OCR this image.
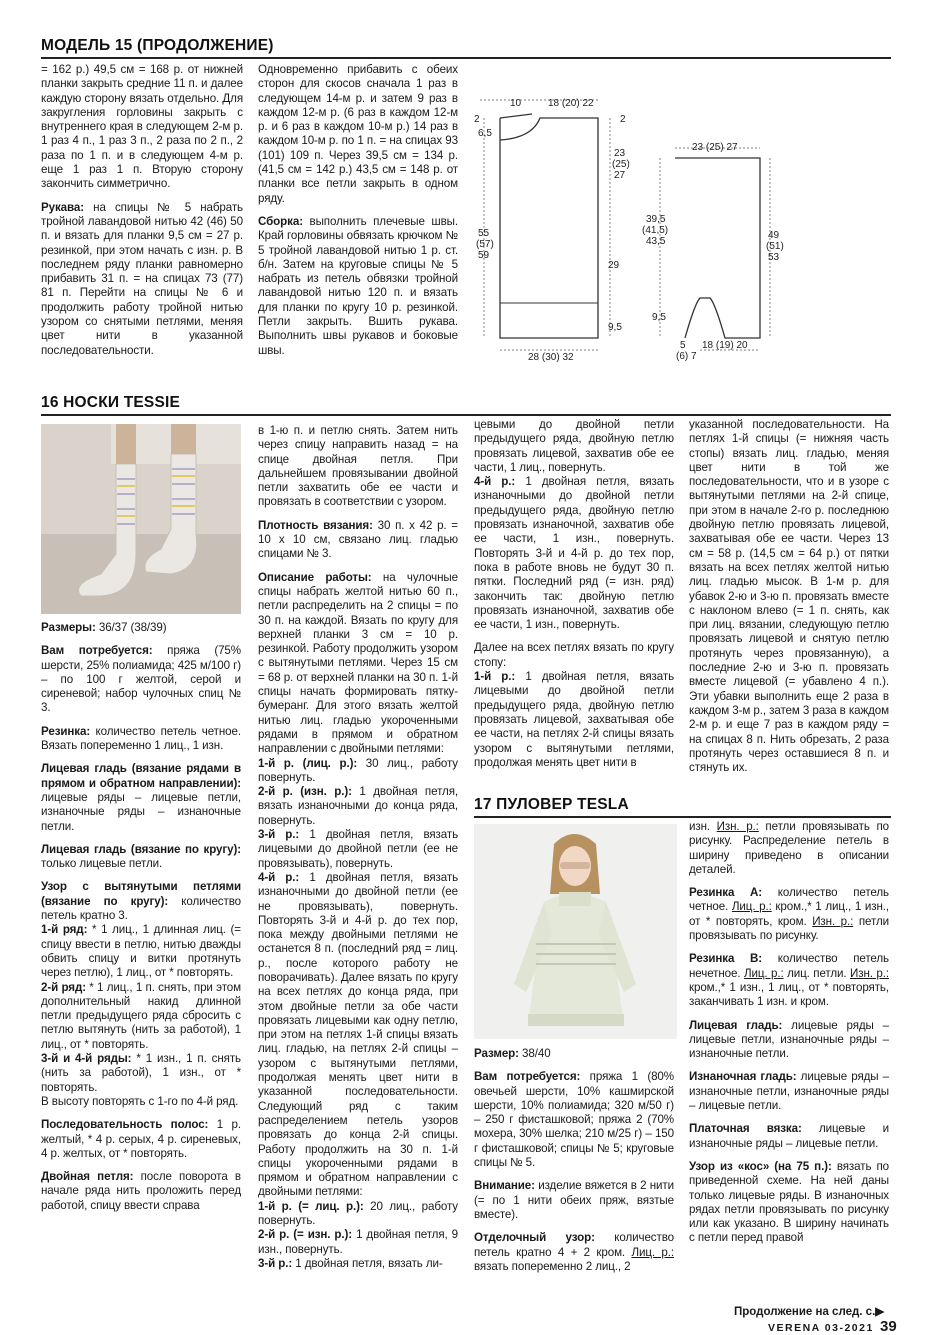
МОДЕЛЬ 15 (ПРОДОЛЖЕНИЕ)

= 162 р.) 49,5 см = 168 р. от нижней планки закрыть средние 11 п. и далее каждую сторону вязать отдельно. Для закругления горловины закрыть с внутреннего края в следующем 2-м р. 1 раз 4 п., 1 раз 3 п., 2 раза по 2 п., 2 раза по 1 п. и в следующем 4-м р. еще 1 раз 1 п. Вторую сторону закончить симметрично.

Рукава: на спицы № 5 набрать тройной лавандовой нитью 42 (46) 50 п. и вязать для планки 9,5 см = 27 р. резинкой, при этом начать с изн. р. В последнем ряду планки равномерно прибавить 31 п. = на спицах 73 (77) 81 п. Перейти на спицы № 6 и продолжить работу тройной нитью узором со снятыми петлями, меняя цвет нити в указанной последовательности.

Одновременно прибавить с обеих сторон для скосов сначала 1 раз в следующем 14-м р. и затем 9 раз в каждом 12-м р. (6 раз в каждом 12-м р. и 6 раз в каждом 10-м р.) 14 раз в каждом 10-м р. по 1 п. = на спицах 93 (101) 109 п. Через 39,5 см = 134 р. (41,5 см = 142 р.) 43,5 см = 148 р. от планки все петли закрыть в одном ряду.

Сборка: выполнить плечевые швы. Край горловины обвязать крючком № 5 тройной лавандовой нитью 1 р. ст. б/н. Затем на круговые спицы № 5 набрать из петель обвязки тройной лавандовой нитью 120 п. и вязать для планки по кругу 10 р. резинкой. Петли закрыть. Вшить рукава. Выполнить швы рукавов и боковые швы.

10	18 (20) 22
2	2
6,5
23 (25) 27
55 (57) 59
29
9,5
28 (30) 32
23 (25) 27
39,5 (41,5) 43,5
49 (51) 53
9,5
5 (6) 7
18 (19) 20
16 НОСКИ TESSIE

Размеры: 36/37 (38/39)

Вам потребуется: пряжа (75% шерсти, 25% полиамида; 425 м/100 г) – по 100 г желтой, серой и сиреневой; набор чулочных спиц № 3.

Резинка: количество петель четное. Вязать попеременно 1 лиц., 1 изн.

Лицевая гладь (вязание рядами в прямом и обратном направлении): лицевые ряды – лицевые петли, изнаночные ряды – изнаночные петли.

Лицевая гладь (вязание по кругу): только лицевые петли.

Узор с вытянутыми петлями (вязание по кругу): количество петель кратно 3.

1-й ряд: * 1 лиц., 1 длинная лиц. (= спицу ввести в петлю, нитью дважды обвить спицу и витки протянуть через петлю), 1 лиц., от * повторять.

2-й ряд: * 1 лиц., 1 п. снять, при этом дополнительный накид длинной петли предыдущего ряда сбросить с петлю вытянуть (нить за работой), 1 лиц., от * повторять.

3-й и 4-й ряды: * 1 изн., 1 п. снять (нить за работой), 1 изн., от * повторять.

В высоту повторять с 1-го по 4-й ряд.

Последовательность полос: 1 р. желтый, * 4 р. серых, 4 р. сиреневых, 4 р. желтых, от * повторять.

Двойная петля: после поворота в начале ряда нить проложить перед работой, спицу ввести справа

в 1-ю п. и петлю снять. Затем нить через спицу направить назад = на спице двойная петля. При дальнейшем провязывании двойной петли захватить обе ее части и провязать в соответствии с узором.

Плотность вязания: 30 п. х 42 р. = 10 х 10 см, связано лиц. гладью спицами № 3.

Описание работы: на чулочные спицы набрать желтой нитью 60 п., петли распределить на 2 спицы = по 30 п. на каждой. Вязать по кругу для верхней планки 3 см = 10 р. резинкой. Работу продолжить узором с вытянутыми петлями. Через 15 см = 68 р. от верхней планки на 30 п. 1-й спицы начать формировать пятку-бумеранг. Для этого вязать желтой нитью лиц. гладью укороченными рядами в прямом и обратном направлении с двойными петлями:

1-й р. (лиц. р.): 30 лиц., работу повернуть.

2-й р. (изн. р.): 1 двойная петля, вязать изнаночными до конца ряда, повернуть.

3-й р.: 1 двойная петля, вязать лицевыми до двойной петли (ее не провязывать), повернуть.

4-й р.: 1 двойная петля, вязать изнаночными до двойной петли (ее не провязывать), повернуть. Повторять 3-й и 4-й р. до тех пор, пока между двойными петлями не останется 8 п. (последний ряд = лиц. р., после которого работу не поворачивать). Далее вязать по кругу на всех петлях до конца ряда, при этом двойные петли за обе части провязать лицевыми как одну петлю, при этом на петлях 1-й спицы вязать лиц. гладью, на петлях 2-й спицы – узором с вытянутыми петлями, продолжая менять цвет нити в указанной последовательности. Следующий ряд с таким распределением петель узоров провязать до конца 2-й спицы. Работу продолжить на 30 п. 1-й спицы укороченными рядами в прямом и обратном направлении с двойными петлями:

1-й р. (= лиц. р.): 20 лиц., работу повернуть.

2-й р. (= изн. р.): 1 двойная петля, 9 изн., повернуть.

3-й р.: 1 двойная петля, вязать ли-

цевыми до двойной петли предыдущего ряда, двойную петлю провязать лицевой, захватив обе ее части, 1 лиц., повернуть.

4-й р.: 1 двойная петля, вязать изнаночными до двойной петли предыдущего ряда, двойную петлю провязать изнаночной, захватив обе ее части, 1 изн., повернуть. Повторять 3-й и 4-й р. до тех пор, пока в работе вновь не будут 30 п. пятки. Последний ряд (= изн. ряд) закончить так: двойную петлю провязать изнаночной, захватив обе ее части, 1 изн., повернуть.

Далее на всех петлях вязать по кругу стопу:

1-й р.: 1 двойная петля, вязать лицевыми до двойной петли предыдущего ряда, двойную петлю провязать лицевой, захватывая обе ее части, на петлях 2-й спицы вязать узором с вытянутыми петлями, продолжая менять цвет нити в

указанной последовательности. На петлях 1-й спицы (= нижняя часть стопы) вязать лиц. гладью, меняя цвет нити в той же последовательности, что и в узоре с вытянутыми петлями на 2-й спице, при этом в начале 2-го р. последнюю двойную петлю провязать лицевой, захватывая обе ее части. Через 13 см = 58 р. (14,5 см = 64 р.) от пятки вязать на всех петлях желтой нитью лиц. гладью мысок. В 1-м р. для убавок 2-ю и 3-ю п. провязать вместе с наклоном влево (= 1 п. снять, как при лиц. вязании, следующую петлю провязать лицевой и снятую петлю протянуть через провязанную), а последние 2-ю и 3-ю п. провязать вместе лицевой (= убавлено 4 п.). Эти убавки выполнить еще 2 раза в каждом 3-м р., затем 3 раза в каждом 2-м р. и еще 7 раз в каждом ряду = на спицах 8 п. Нить обрезать, 2 раза протянуть через оставшиеся 8 п. и стянуть их.

17 ПУЛОВЕР TESLA

Размер: 38/40

Вам потребуется: пряжа 1 (80% овечьей шерсти, 10% кашмирской шерсти, 10% полиамида; 320 м/50 г) – 250 г фисташковой; пряжа 2 (70% мохера, 30% шелка; 210 м/25 г) – 150 г фисташковой; спицы № 5; круговые спицы № 5.

Внимание: изделие вяжется в 2 нити (= по 1 нити обеих пряж, вязтые вместе).

Отделочный узор: количество петель кратно 4 + 2 кром. Лиц. р.: вязать попеременно 2 лиц., 2

изн. Изн. р.: петли провязывать по рисунку. Распределение петель в ширину приведено в описании деталей.

Резинка А: количество петель четное. Лиц. р.: кром.,* 1 лиц., 1 изн., от * повторять, кром. Изн. р.: петли провязывать по рисунку.

Резинка В: количество петель нечетное. Лиц. р.: лиц. петли. Изн. р.: кром.,* 1 изн., 1 лиц., от * повторять, заканчивать 1 изн. и кром.

Лицевая гладь: лицевые ряды – лицевые петли, изнаночные ряды – изнаночные петли.

Изнаночная гладь: лицевые ряды – изнаночные петли, изнаночные ряды – лицевые петли.

Платочная вязка: лицевые и изнаночные ряды – лицевые петли.

Узор из «кос» (на 75 п.): вязать по приведенной схеме. На ней даны только лицевые ряды. В изнаночных рядах петли провязывать по рисунку или как указано. В ширину начинать с петли перед правой

Продолжение на след. с.▶
VERENA 03-2021 39
